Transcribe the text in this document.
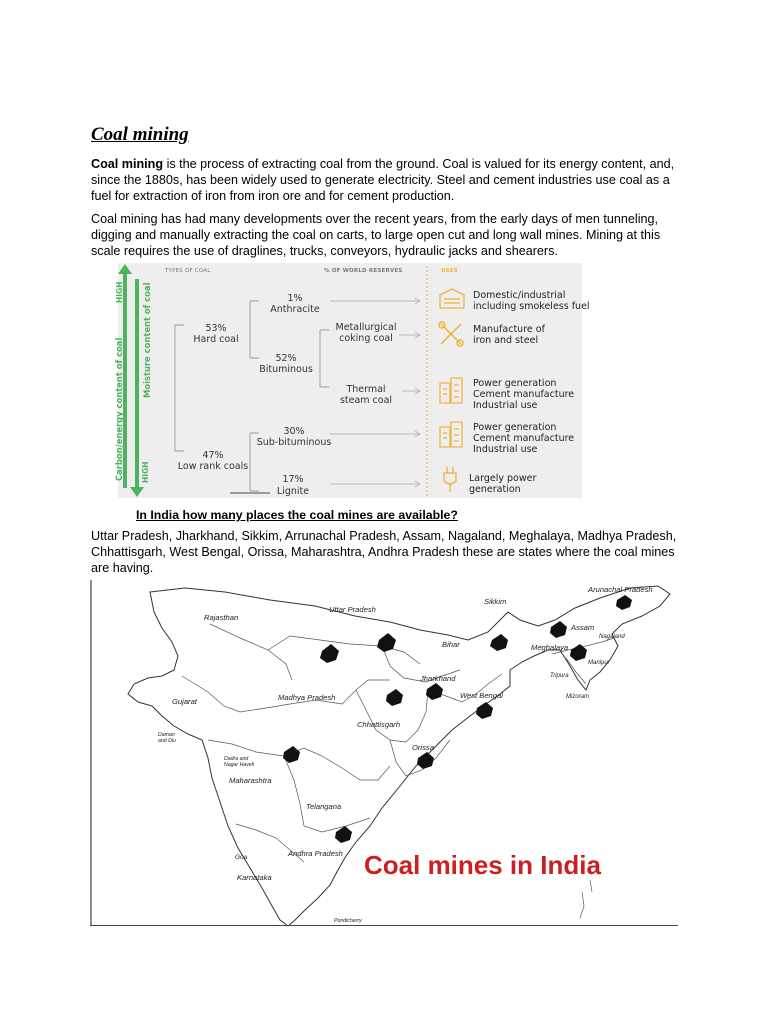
Coal mining
Coal mining is the process of extracting coal from the ground. Coal is valued for its energy content, and, since the 1880s, has been widely used to generate electricity. Steel and cement industries use coal as a fuel for extraction of iron from iron ore and for cement production.
Coal mining has had many developments over the recent years, from the early days of men tunneling, digging and manually extracting the coal on carts, to large open cut and long wall mines. Mining at this scale requires the use of draglines, trucks, conveyors, hydraulic jacks and shearers.
HIGH
HIGH
Carbon/energy content of coal Moisture content of coal
TYPES OF COAL	% OF WORLD RESERVES	USES
53%
Hard coal
47%
Low rank coals
1%
Anthracite
52%
Bituminous
Metallurgical
coking coal
Thermal
steam coal
30%
Sub-bituminous
17%
Lignite
Domestic/industrial
including smokeless fuel
Manufacture of
iron and steel
Power generation
Cement manufacture
Industrial use
Power generation
Cement manufacture
Industrial use
Largely power
generation
In India how many places the coal mines are available?
Uttar Pradesh, Jharkhand, Sikkim, Arrunachal Pradesh, Assam, Nagaland, Meghalaya, Madhya Pradesh, Chhattisgarh, West Bengal, Orissa, Maharashtra, Andhra Pradesh these are states where the coal mines are having.
Rajasthan
Uttar Pradesh
Sikkim
Arunachal Pradesh
Assam
Nagaland
Meghalaya
Manipur
Tripura
Mizoram
Bihar
Jharkhand
West Bengal
Gujarat	Madhya Pradesh
Chhattisgarh
Orissa
Daman
and Diu
Dadra and
Nagar Haveli
Maharashtra
Telangana
Andhra Pradesh
Goa
Karnataka
Pondicherry
Coal mines in India
